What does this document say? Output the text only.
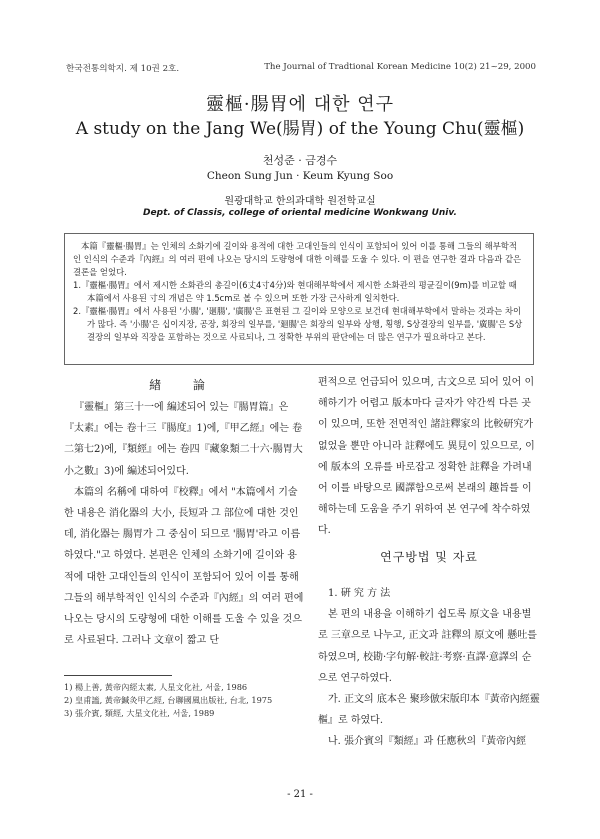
한국전통의학지. 제 10권 2호.	The Journal of Tradtional Korean Medicine 10(2) 21~29, 2000
靈樞·腸胃에 대한 연구
A study on the Jang We(腸胃) of the Young Chu(靈樞)
천성준 · 금경수
Cheon Sung Jun · Keum Kyung Soo
원광대학교 한의과대학 원전학교실
Dept. of Classis, college of oriental medicine Wonkwang Univ.

本篇『靈樞·腸胃』는 인체의 소화기에 길이와 용적에 대한 고대인들의 인식이 포함되어 있어 이를 통해 그들의 해부학적인 인식의 수준과『內經』의 여러 편에 나오는 당시의 도량형에 대한 이해를 도울 수 있다. 이 편을 연구한 결과 다음과 같은 결론을 얻었다.

1.『靈樞·腸胃』에서 제시한 소화관의 총길이(6丈4寸4分)와 현대해부학에서 제시한 소화관의 평균길이(9m)를 비교할 때 本篇에서 사용된 寸의 개념은 약 1.5cm로 볼 수 있으며 또한 가장 근사하게 일치한다.

2.『靈樞·腸胃』에서 사용된 '小腸', '廻腸', '廣腸'은 표현된 그 길이와 모양으로 보건데 현대해부학에서 말하는 것과는 차이가 많다. 즉 '小腸'은 십이지장, 공장, 회장의 일부를, '廻腸'은 회장의 일부와 상행, 횡행, S상결장의 일부를, '廣腸'은 S상결장의 일부와 직장을 포함하는 것으로 사료되나, 그 정확한 부위의 판단에는 더 많은 연구가 필요하다고 본다.

緖 論

『靈樞』第三十一에 編述되어 있는『腸胃篇』은『太素』에는 卷十三『腸度』1)에,『甲乙經』에는 卷二第七2)에,『類經』에는 卷四『藏象類二十六·腸胃大小之數』3)에 編述되어있다.

本篇의 名稱에 대하여『校釋』에서 "本篇에서 기술한 내용은 消化器의 大小, 長短과 그 部位에 대한 것인데, 消化器는 腸胃가 그 중심이 되므로 '腸胃'라고 이름하였다."고 하였다. 본편은 인체의 소화기에 길이와 용적에 대한 고대인들의 인식이 포함되어 있어 이를 통해 그들의 해부학적인 인식의 수준과『內經』의 여러 편에 나오는 당시의 도량형에 대한 이해를 도울 수 있을 것으로 사료된다. 그러나 文章이 짧고 단

편적으로 언급되어 있으며, 古文으로 되어 있어 이해하기가 어렵고 版本마다 글자가 약간씩 다른 곳이 있으며, 또한 전면적인 諸註釋家의 比較研究가 없었을 뿐만 아니라 註釋에도 異見이 있으므로, 이에 版本의 오류를 바로잡고 정확한 註釋을 가려내어 이를 바탕으로 國譯함으로써 본래의 趣旨를 이해하는데 도움을 주기 위하여 본 연구에 착수하였다.

연구방법 및 자료

1. 硏 究 方 法

본 편의 내용을 이해하기 쉽도록 原文을 내용별로 三章으로 나누고, 正文과 註釋의 原文에 懸吐를 하였으며, 校勘·字句解·較註·考察·直譯·意譯의 순으로 연구하였다.

가. 正文의 底本은 聚珍倣宋版印本『黃帝內經靈樞』로 하였다.

나. 張介賓의『類經』과 任應秋의『黃帝內經

1) 楊上善, 黃帝內經太素, 人星文化社, 서울, 1986

2) 皇甫謐, 黃帝鍼灸甲乙經, 台聯國風出版社, 台北, 1975

3) 張介賓, 類經, 大星文化社, 서울, 1989

- 21 -
